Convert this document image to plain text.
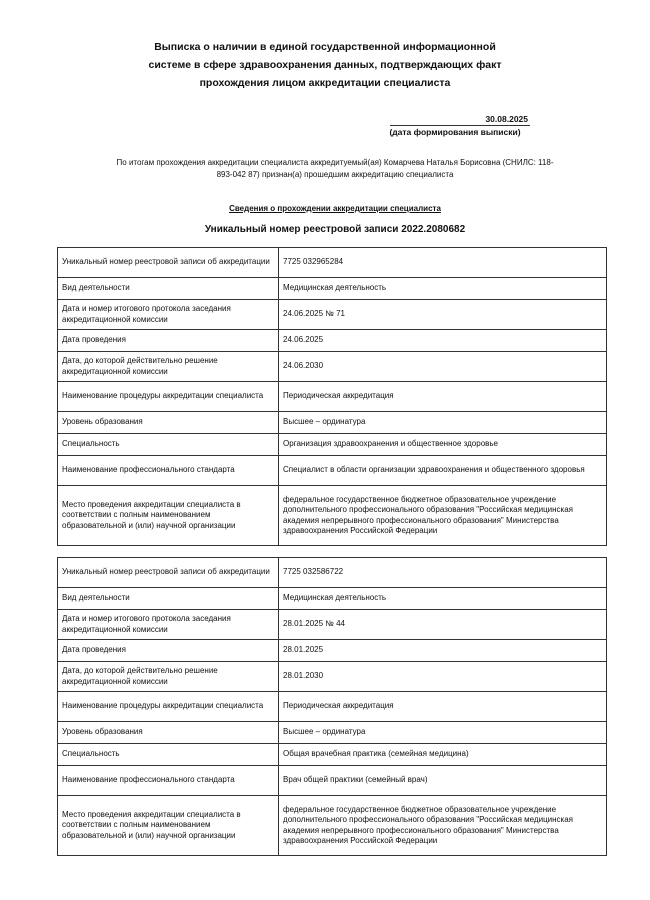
Выписка о наличии в единой государственной информационной
системе в сфере здравоохранения данных, подтверждающих факт
прохождения лицом аккредитации специалиста
30.08.2025
(дата формирования выписки)
По итогам прохождения аккредитации специалиста аккредитуемый(ая) Комарчева Наталья Борисовна (СНИЛС: 118-
893-042 87) признан(а) прошедшим аккредитацию специалиста
Сведения о прохождении аккредитации специалиста
Уникальный номер реестровой записи 2022.2080682
Уникальный номер реестровой записи об аккредитации	7725 032965284
Вид деятельности	Медицинская деятельность
Дата и номер итогового протокола заседания аккредитационной комиссии	24.06.2025 № 71
Дата проведения	24.06.2025
Дата, до которой действительно решение аккредитационной комиссии	24.06.2030
Наименование процедуры аккредитации специалиста	Периодическая аккредитация
Уровень образования	Высшее – ординатура
Специальность	Организация здравоохранения и общественное здоровье
Наименование профессионального стандарта	Специалист в области организации здравоохранения и общественного здоровья
Место проведения аккредитации специалиста в соответствии с полным наименованием образовательной и (или) научной организации	федеральное государственное бюджетное образовательное учреждение дополнительного профессионального образования "Российская медицинская академия непрерывного профессионального образования" Министерства здравоохранения Российской Федерации
Уникальный номер реестровой записи об аккредитации	7725 032586722
Вид деятельности	Медицинская деятельность
Дата и номер итогового протокола заседания аккредитационной комиссии	28.01.2025 № 44
Дата проведения	28.01.2025
Дата, до которой действительно решение аккредитационной комиссии	28.01.2030
Наименование процедуры аккредитации специалиста	Периодическая аккредитация
Уровень образования	Высшее – ординатура
Специальность	Общая врачебная практика (семейная медицина)
Наименование профессионального стандарта	Врач общей практики (семейный врач)
Место проведения аккредитации специалиста в соответствии с полным наименованием образовательной и (или) научной организации	федеральное государственное бюджетное образовательное учреждение дополнительного профессионального образования "Российская медицинская академия непрерывного профессионального образования" Министерства здравоохранения Российской Федерации
